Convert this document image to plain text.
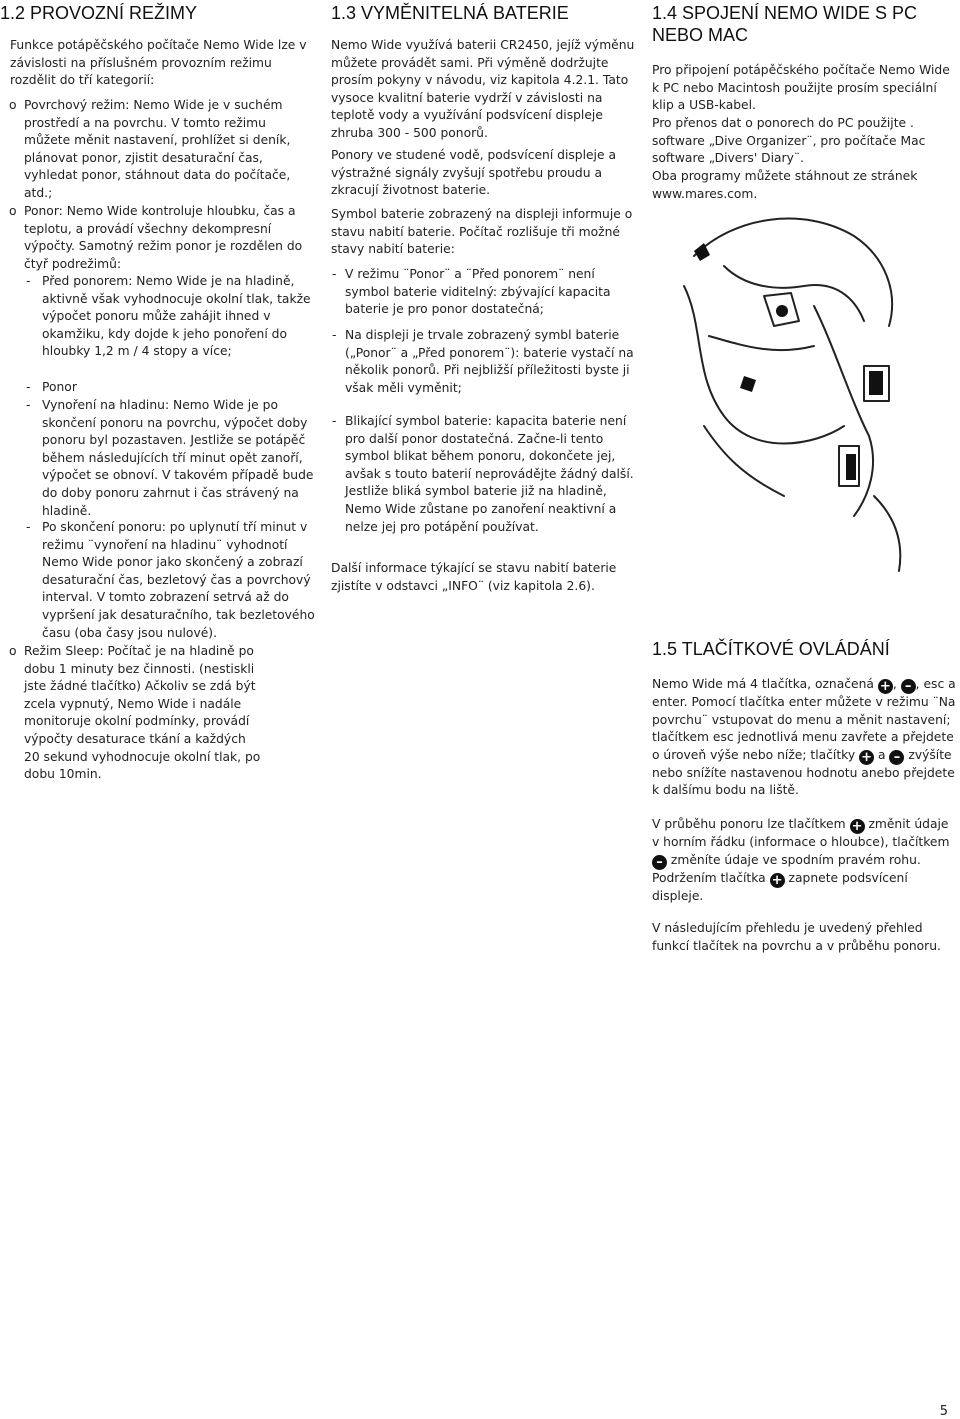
1.2 PROVOZNÍ REŽIMY

Funkce potápěčského počítače Nemo Wide lze v závislosti na příslušném provozním režimu rozdělit do tří kategorií:

o Povrchový režim: Nemo Wide je v suchém prostředí a na povrchu. V tomto režimu můžete měnit nastavení, prohlížet si deník, plánovat ponor, zjistit desaturační čas, vyhledat ponor, stáhnout data do počítače, atd.;

o Ponor: Nemo Wide kontroluje hloubku, čas a teplotu, a provádí všechny dekompresní výpočty. Samotný režim ponor je rozdělen do čtyř podrežimů:

- Před ponorem: Nemo Wide je na hladině, aktivně však vyhodnocuje okolní tlak, takže výpočet ponoru může zahájit ihned v okamžiku, kdy dojde k jeho ponoření do hloubky 1,2 m / 4 stopy a více;

- Ponor

- Vynoření na hladinu: Nemo Wide je po skončení ponoru na povrchu, výpočet doby ponoru byl pozastaven. Jestliže se potápěč během následujících tří minut opět zanoří, výpočet se obnoví. V takovém případě bude do doby ponoru zahrnut i čas strávený na hladině.

- Po skončení ponoru: po uplynutí tří minut v režimu ¨vynoření na hladinu¨ vyhodnotí Nemo Wide ponor jako skončený a zobrazí desaturační čas, bezletový čas a povrchový interval. V tomto zobrazení setrvá až do vypršení jak desaturačního, tak bezletového času (oba časy jsou nulové).

o Režim Sleep: Počítač je na hladině po dobu 1 minuty bez činnosti. (nestiskli jste žádné tlačítko) Ačkoliv se zdá být zcela vypnutý, Nemo Wide i nadále monitoruje okolní podmínky, provádí výpočty desaturace tkání a každých 20 sekund vyhodnocuje okolní tlak, po dobu 10min.

1.3 VYMĚNITELNÁ BATERIE

Nemo Wide využívá baterii CR2450, jejíž výměnu můžete provádět sami. Při výměně dodržujte prosím pokyny v návodu, viz kapitola 4.2.1. Tato vysoce kvalitní baterie vydrží v závislosti na teplotě vody a využívání podsvícení displeje zhruba 300 - 500 ponorů.

Ponory ve studené vodě, podsvícení displeje a výstražné signály zvyšují spotřebu proudu a zkracují životnost baterie.

Symbol baterie zobrazený na displeji informuje o stavu nabití baterie. Počítač rozlišuje tři možné stavy nabití baterie:

- V režimu ¨Ponor¨ a ¨Před ponorem¨ není symbol baterie viditelný: zbývající kapacita baterie je pro ponor dostatečná;

- Na displeji je trvale zobrazený symbl baterie („Ponor¨ a „Před ponorem¨): baterie vystačí na několik ponorů. Při nejbližší příležitosti byste ji však měli vyměnit;

- Blikající symbol baterie: kapacita baterie není pro další ponor dostatečná. Začne-li tento symbol blikat během ponoru, dokončete jej, avšak s touto baterií neprovádějte žádný další. Jestliže bliká symbol baterie již na hladině, Nemo Wide zůstane po zanoření neaktivní a nelze jej pro potápění používat.

Další informace týkající se stavu nabití baterie zjistíte v odstavci „INFO¨ (viz kapitola 2.6).

1.4 SPOJENÍ NEMO WIDE S PC
NEBO MAC

Pro připojení potápěčského počítače Nemo Wide k PC nebo Macintosh použijte prosím speciální klip a USB-kabel.

Pro přenos dat o ponorech do PC použijte . software „Dive Organizer¨, pro počítače Mac software „Divers' Diary¨.

Oba programy můžete stáhnout ze stránek www.mares.com.

1.5 TLAČÍTKOVÉ OVLÁDÁNÍ

Nemo Wide má 4 tlačítka, označená + , – , esc a enter. Pomocí tlačítka enter můžete v režimu ¨Na povrchu¨ vstupovat do menu a měnit nastavení; tlačítkem esc jednotlivá menu zavřete a přejdete o úroveň výše nebo níže; tlačítky + a – zvýšíte nebo snížíte nastavenou hodnotu anebo přejdete k dalšímu bodu na liště.

V průběhu ponoru lze tlačítkem + změnit údaje v horním řádku (informace o hloubce), tlačítkem – změníte údaje ve spodním pravém rohu. Podržením tlačítka + zapnete podsvícení displeje.

V následujícím přehledu je uvedený přehled funkcí tlačítek na povrchu a v průběhu ponoru.

5
